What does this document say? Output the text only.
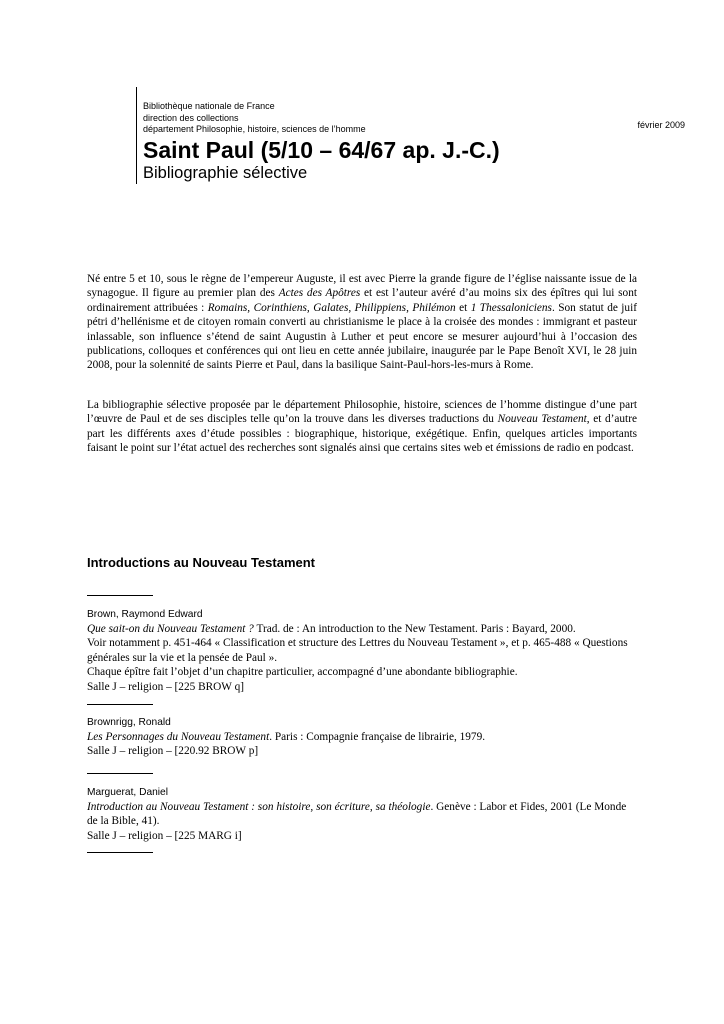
Bibliothèque nationale de France
direction des collections
département Philosophie, histoire, sciences de l’homme	février 2009
Saint Paul (5/10 – 64/67 ap. J.-C.)
Bibliographie sélective

Né entre 5 et 10, sous le règne de l’empereur Auguste, il est avec Pierre la grande figure de l’église naissante issue de la synagogue. Il figure au premier plan des Actes des Apôtres et est l’auteur avéré d’au moins six des épîtres qui lui sont ordinairement attribuées : Romains, Corinthiens, Galates, Philippiens, Philémon et 1 Thessaloniciens. Son statut de juif pétri d’hellénisme et de citoyen romain converti au christianisme le place à la croisée des mondes : immigrant et pasteur inlassable, son influence s’étend de saint Augustin à Luther et peut encore se mesurer aujourd’hui à l’occasion des publications, colloques et conférences qui ont lieu en cette année jubilaire, inaugurée par le Pape Benoît XVI, le 28 juin 2008, pour la solennité de saints Pierre et Paul, dans la basilique Saint-Paul-hors-les-murs à Rome.

La bibliographie sélective proposée par le département Philosophie, histoire, sciences de l’homme distingue d’une part l’œuvre de Paul et de ses disciples telle qu’on la trouve dans les diverses traductions du Nouveau Testament, et d’autre part les différents axes d’étude possibles : biographique, historique, exégétique. Enfin, quelques articles importants faisant le point sur l’état actuel des recherches sont signalés ainsi que certains sites web et émissions de radio en podcast.

Introductions au Nouveau Testament
Brown, Raymond Edward
Que sait-on du Nouveau Testament ? Trad. de : An introduction to the New Testament. Paris : Bayard, 2000.
Voir notamment p. 451-464 « Classification et structure des Lettres du Nouveau Testament », et p. 465-488 « Questions générales sur la vie et la pensée de Paul ».
Chaque épître fait l’objet d’un chapitre particulier, accompagné d’une abondante bibliographie.
Salle J – religion – [225 BROW q]
Brownrigg, Ronald
Les Personnages du Nouveau Testament. Paris : Compagnie française de librairie, 1979.
Salle J – religion – [220.92 BROW p]
Marguerat, Daniel
Introduction au Nouveau Testament : son histoire, son écriture, sa théologie. Genève : Labor et Fides, 2001 (Le Monde de la Bible, 41).
Salle J – religion – [225 MARG i]
